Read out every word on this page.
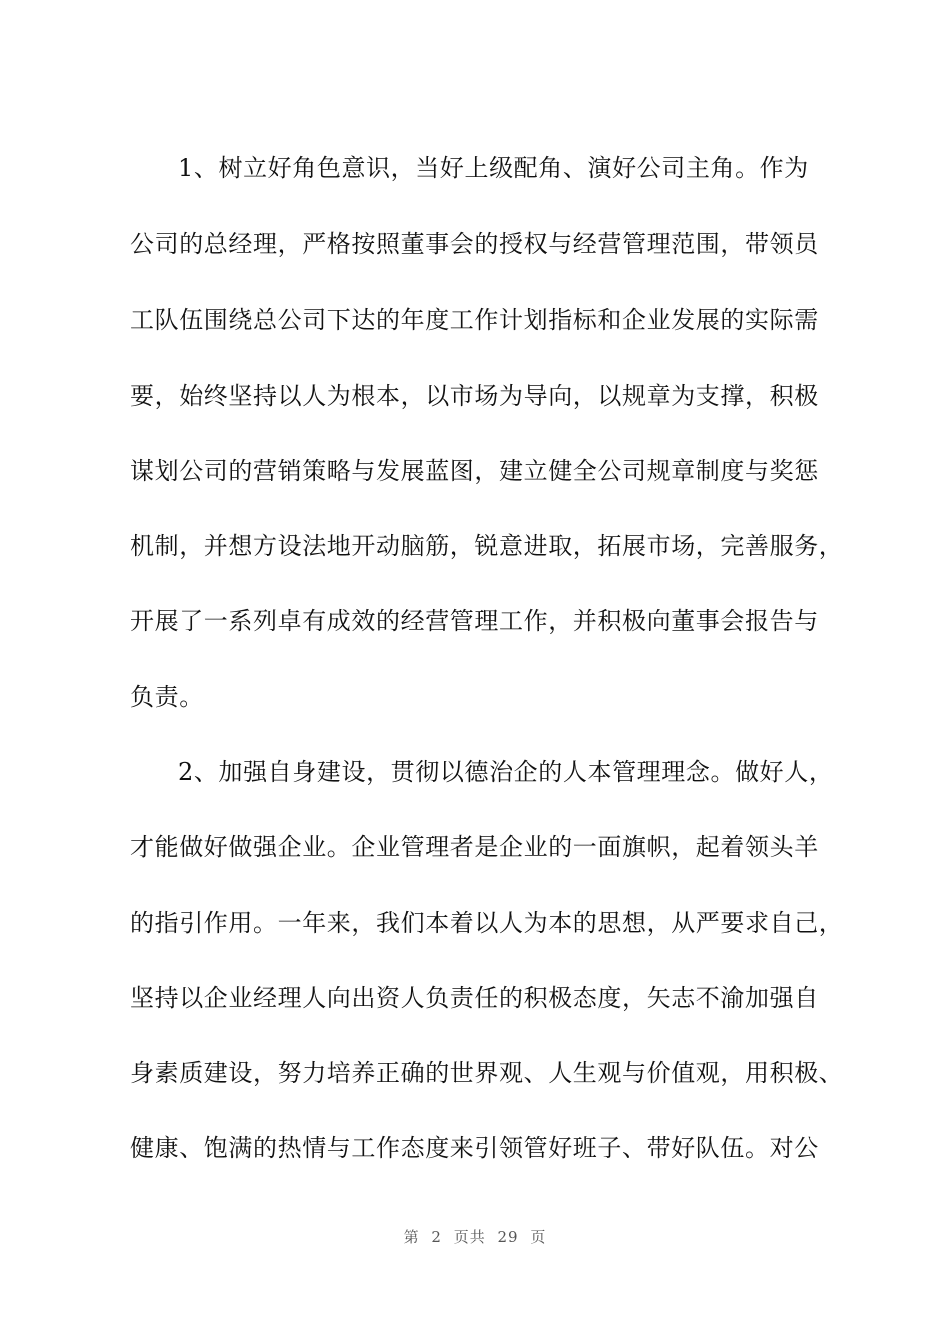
1、树立好角色意识，当好上级配角、演好公司主角。作为
公司的总经理，严格按照董事会的授权与经营管理范围，带领员
工队伍围绕总公司下达的年度工作计划指标和企业发展的实际需
要，始终坚持以人为根本，以市场为导向，以规章为支撑，积极
谋划公司的营销策略与发展蓝图，建立健全公司规章制度与奖惩
机制，并想方设法地开动脑筋，锐意进取，拓展市场，完善服务，
开展了一系列卓有成效的经营管理工作，并积极向董事会报告与
负责。
2、加强自身建设，贯彻以德治企的人本管理理念。做好人，
才能做好做强企业。企业管理者是企业的一面旗帜，起着领头羊
的指引作用。一年来，我们本着以人为本的思想，从严要求自己，
坚持以企业经理人向出资人负责任的积极态度，矢志不渝加强自
身素质建设，努力培养正确的世界观、人生观与价值观，用积极、
健康、饱满的热情与工作态度来引领管好班子、带好队伍。对公
第 2 页共 29 页
